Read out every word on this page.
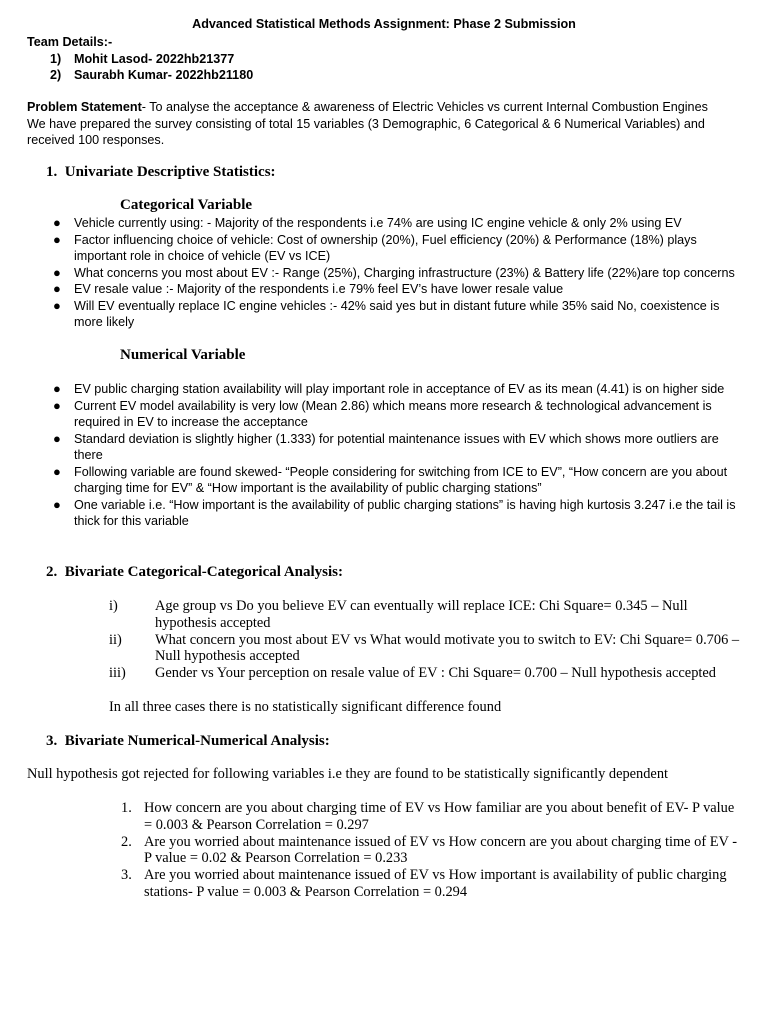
Advanced Statistical Methods Assignment: Phase 2 Submission
Team Details:-
1) Mohit Lasod- 2022hb21377
2) Saurabh Kumar- 2022hb21180
Problem Statement- To analyse the acceptance & awareness of Electric Vehicles vs current Internal Combustion Engines
We have prepared the survey consisting of total 15 variables (3 Demographic, 6 Categorical & 6 Numerical Variables) and
received 100 responses.
1.  Univariate Descriptive Statistics:
Categorical Variable
● Vehicle currently using: - Majority of the respondents i.e 74% are using IC engine vehicle & only 2% using EV
● Factor influencing choice of vehicle: Cost of ownership (20%), Fuel efficiency (20%) & Performance (18%) plays important role in choice of vehicle (EV vs ICE)
● What concerns you most about EV :- Range (25%), Charging infrastructure (23%) & Battery life (22%)are top concerns
● EV resale value :- Majority of the respondents i.e 79% feel EV’s have lower resale value
● Will EV eventually replace IC engine vehicles :- 42% said yes but in distant future while 35% said No, coexistence is more likely
Numerical Variable
● EV public charging station availability will play important role in acceptance of EV as its mean (4.41) is on higher side
● Current EV model availability is very low (Mean 2.86) which means more research & technological advancement is required in EV to increase the acceptance
● Standard deviation is slightly higher (1.333) for potential maintenance issues with EV which shows more outliers are there
● Following variable are found skewed- “People considering for switching from ICE to EV”, “How concern are you about charging time for EV” & “How important is the availability of public charging stations”
● One variable i.e. “How important is the availability of public charging stations” is having high kurtosis 3.247 i.e the tail is thick for this variable
2.  Bivariate Categorical-Categorical Analysis:
i)	Age group vs Do you believe EV can eventually will replace ICE: Chi Square= 0.345 – Null hypothesis accepted
ii) What concern you most about EV vs What would motivate you to switch to EV: Chi Square= 0.706 – Null hypothesis accepted
iii) Gender vs Your perception on resale value of EV : Chi Square= 0.700 – Null hypothesis accepted
In all three cases there is no statistically significant difference found
3.  Bivariate Numerical-Numerical Analysis:
Null hypothesis got rejected for following variables i.e they are found to be statistically significantly dependent
1. How concern are you about charging time of EV vs How familiar are you about benefit of EV- P value = 0.003 & Pearson Correlation = 0.297
2. Are you worried about maintenance issued of EV vs How concern are you about charging time of EV - P value = 0.02 & Pearson Correlation = 0.233
3. Are you worried about maintenance issued of EV vs How important is availability of public charging stations- P value = 0.003 & Pearson Correlation = 0.294
